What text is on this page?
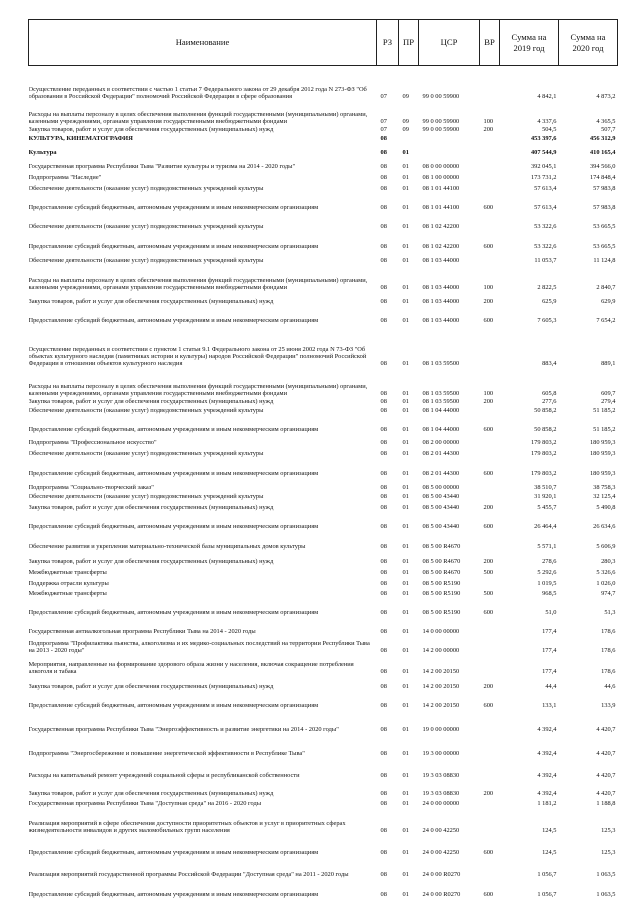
Наименование	РЗ	ПР	ЦСР	ВР	Сумма на 2019 год	Сумма на 2020 год
Осуществление переданных в соответствии с частью 1 статьи 7 Федерального закона от 29 декабря 2012 года N 273-ФЗ "Об образовании в Российской Федерации" полномочий Российской Федерации в сфере образования	07	09	99 0 00 59900		4 842,1	4 873,2
Расходы на выплаты персоналу в целях обеспечения выполнения функций государственными (муниципальными) органами, казенными учреждениями, органами управления государственными внебюджетными фондами	07	09	99 0 00 59900	100	4 337,6	4 365,5
Закупка товаров, работ и услуг для обеспечения государственных (муниципальных) нужд	07	09	99 0 00 59900	200	504,5	507,7
КУЛЬТУРА, КИНЕМАТОГРАФИЯ	08				453 397,6	456 312,9
Культура	08	01			407 544,9	410 165,4
Государственная программа Республики Тыва "Развитие культуры и туризма на 2014 - 2020 годы"	08	01	08 0 00 00000		392 045,1	394 566,0
Подпрограмма "Наследие"	08	01	08 1 00 00000		173 731,2	174 848,4
Обеспечение деятельности (оказание услуг) подведомственных учреждений культуры	08	01	08 1 01 44100		57 613,4	57 983,8
Предоставление субсидий бюджетным, автономным учреждениям и иным некоммерческим организациям	08	01	08 1 01 44100	600	57 613,4	57 983,8
Обеспечение деятельности (оказание услуг) подведомственных учреждений культуры	08	01	08 1 02 42200		53 322,6	53 665,5
Предоставление субсидий бюджетным, автономным учреждениям и иным некоммерческим организациям	08	01	08 1 02 42200	600	53 322,6	53 665,5
Обеспечение деятельности (оказание услуг) подведомственных учреждений культуры	08	01	08 1 03 44000		11 053,7	11 124,8
Расходы на выплаты персоналу в целях обеспечения выполнения функций государственными (муниципальными) органами, казенными учреждениями, органами управления государственными внебюджетными фондами	08	01	08 1 03 44000	100	2 822,5	2 840,7
Закупка товаров, работ и услуг для обеспечения государственных (муниципальных) нужд	08	01	08 1 03 44000	200	625,9	629,9
Предоставление субсидий бюджетным, автономным учреждениям и иным некоммерческим организациям	08	01	08 1 03 44000	600	7 605,3	7 654,2
Осуществление переданных в соответствии с пунктом 1 статьи 9.1 Федерального закона от 25 июня 2002 года N 73-ФЗ "Об объектах культурного наследия (памятниках истории и культуры) народов Российской Федерации" полномочий Российской Федерации в отношении объектов культурного наследия	08	01	08 1 03 59500		883,4	889,1
Расходы на выплаты персоналу в целях обеспечения выполнения функций государственными (муниципальными) органами, казенными учреждениями, органами управления государственными внебюджетными фондами	08	01	08 1 03 59500	100	605,8	609,7
Закупка товаров, работ и услуг для обеспечения государственных (муниципальных) нужд	08	01	08 1 03 59500	200	277,6	279,4
Обеспечение деятельности (оказание услуг) подведомственных учреждений культуры	08	01	08 1 04 44000		50 858,2	51 185,2
Предоставление субсидий бюджетным, автономным учреждениям и иным некоммерческим организациям	08	01	08 1 04 44000	600	50 858,2	51 185,2
Подпрограмма "Профессиональное искусство"	08	01	08 2 00 00000		179 803,2	180 959,3
Обеспечение деятельности (оказание услуг) подведомственных учреждений культуры	08	01	08 2 01 44300		179 803,2	180 959,3
Предоставление субсидий бюджетным, автономным учреждениям и иным некоммерческим организациям	08	01	08 2 01 44300	600	179 803,2	180 959,3
Подпрограмма "Социально-творческий заказ"	08	01	08 5 00 00000		38 510,7	38 758,3
Обеспечение деятельности (оказание услуг) подведомственных учреждений культуры	08	01	08 5 00 43440		31 920,1	32 125,4
Закупка товаров, работ и услуг для обеспечения государственных (муниципальных) нужд	08	01	08 5 00 43440	200	5 455,7	5 490,8
Предоставление субсидий бюджетным, автономным учреждениям и иным некоммерческим организациям	08	01	08 5 00 43440	600	26 464,4	26 634,6
Обеспечение развития и укрепления материально-технической базы муниципальных домов культуры	08	01	08 5 00 R4670		5 571,1	5 606,9
Закупка товаров, работ и услуг для обеспечения государственных (муниципальных) нужд	08	01	08 5 00 R4670	200	278,6	280,3
Межбюджетные трансферты	08	01	08 5 00 R4670	500	5 292,6	5 326,6
Поддержка отрасли культуры	08	01	08 5 00 R5190		1 019,5	1 026,0
Межбюджетные трансферты	08	01	08 5 00 R5190	500	968,5	974,7
Предоставление субсидий бюджетным, автономным учреждениям и иным некоммерческим организациям	08	01	08 5 00 R5190	600	51,0	51,3
Государственная антиалкогольная программа Республики Тыва на 2014 - 2020 годы	08	01	14 0 00 00000		177,4	178,6
Подпрограмма "Профилактика пьянства, алкоголизма и их медико-социальных последствий на территории Республики Тыва на 2013 - 2020 годы"	08	01	14 2 00 00000		177,4	178,6
Мероприятия, направленные на формирование здорового образа жизни у населения, включая сокращение потребления алкоголя и табака	08	01	14 2 00 20150		177,4	178,6
Закупка товаров, работ и услуг для обеспечения государственных (муниципальных) нужд	08	01	14 2 00 20150	200	44,4	44,6
Предоставление субсидий бюджетным, автономным учреждениям и иным некоммерческим организациям	08	01	14 2 00 20150	600	133,1	133,9
Государственная программа Республики Тыва "Энергоэффективность и развитие энергетики на 2014 - 2020 годы"	08	01	19 0 00 00000		4 392,4	4 420,7
Подпрограмма "Энергосбережение и повышение энергетической эффективности в Республике Тыва"	08	01	19 3 00 00000		4 392,4	4 420,7
Расходы на капитальный ремонт учреждений социальной сферы и республиканской собственности	08	01	19 3 03 08830		4 392,4	4 420,7
Закупка товаров, работ и услуг для обеспечения государственных (муниципальных) нужд	08	01	19 3 03 08830	200	4 392,4	4 420,7
Государственная программа Республики Тыва "Доступная среда" на 2016 - 2020 годы	08	01	24 0 00 00000		1 181,2	1 188,8
Реализация мероприятий в сфере обеспечения доступности приоритетных объектов и услуг в приоритетных сферах жизнедеятельности инвалидов и других маломобильных групп населения	08	01	24 0 00 42250		124,5	125,3
Предоставление субсидий бюджетным, автономным учреждениям и иным некоммерческим организациям	08	01	24 0 00 42250	600	124,5	125,3
Реализация мероприятий государственной программы Российской Федерации "Доступная среда" на 2011 - 2020 годы	08	01	24 0 00 R0270		1 056,7	1 063,5
Предоставление субсидий бюджетным, автономным учреждениям и иным некоммерческим организациям	08	01	24 0 00 R0270	600	1 056,7	1 063,5
